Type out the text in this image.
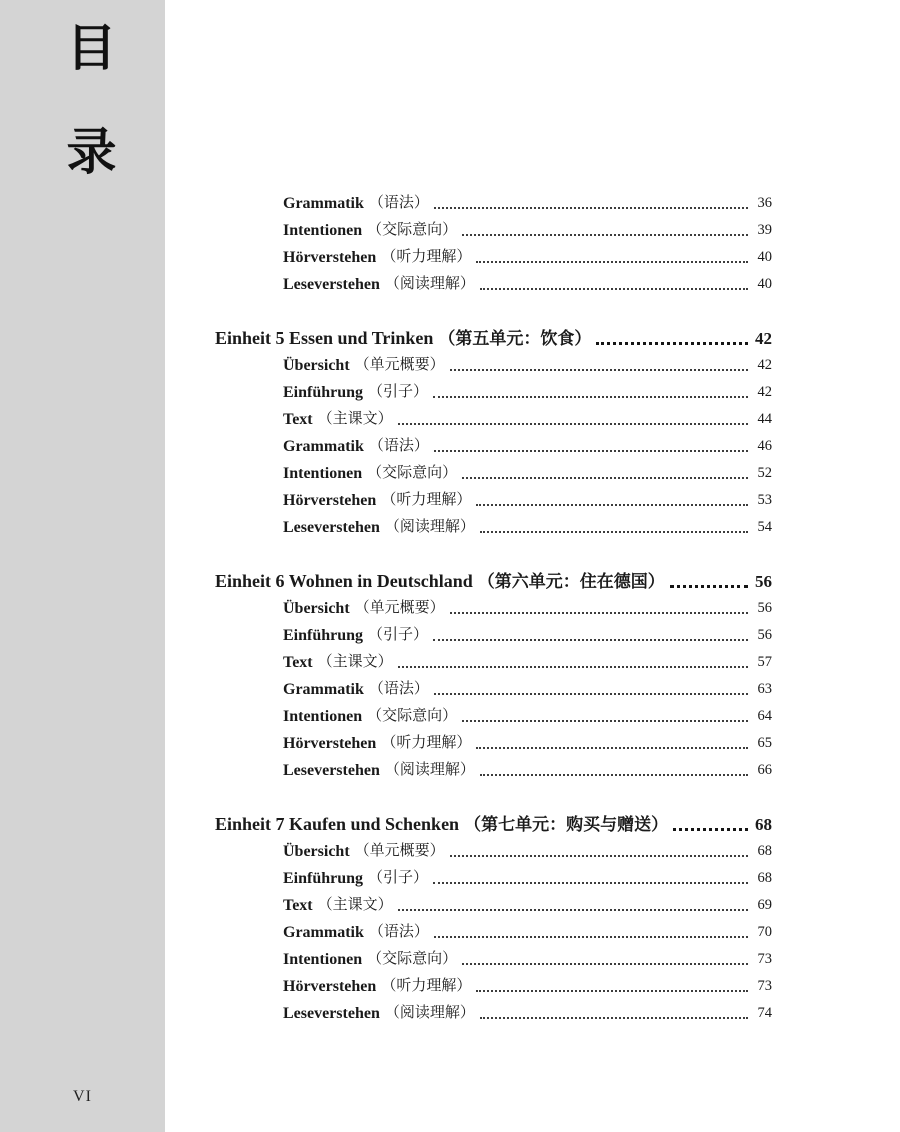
目
录
VI
Grammatik （语法）	36
Intentionen （交际意向）	39
Hörverstehen （听力理解）	40
Leseverstehen （阅读理解）	40
Einheit 5 Essen und Trinken （第五单元：饮食）	42
Übersicht （单元概要）	42
Einführung （引子）	42
Text （主课文）	44
Grammatik （语法）	46
Intentionen （交际意向）	52
Hörverstehen （听力理解）	53
Leseverstehen （阅读理解）	54
Einheit 6 Wohnen in Deutschland （第六单元：住在德国）	56
Übersicht （单元概要）	56
Einführung （引子）	56
Text （主课文）	57
Grammatik （语法）	63
Intentionen （交际意向）	64
Hörverstehen （听力理解）	65
Leseverstehen （阅读理解）	66
Einheit 7 Kaufen und Schenken （第七单元：购买与赠送）	68
Übersicht （单元概要）	68
Einführung （引子）	68
Text （主课文）	69
Grammatik （语法）	70
Intentionen （交际意向）	73
Hörverstehen （听力理解）	73
Leseverstehen （阅读理解）	74
